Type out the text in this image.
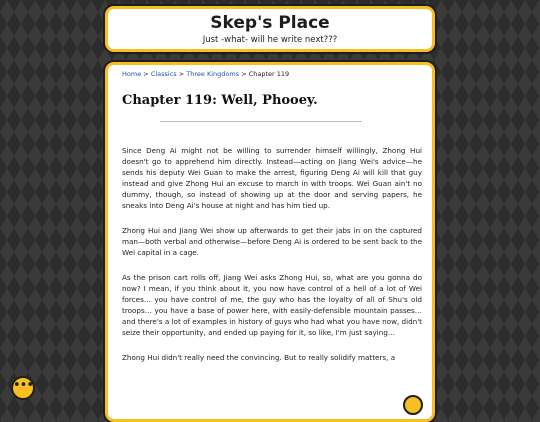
Skep's Place
Just -what- will he write next???
Home > Classics > Three Kingdoms > Chapter 119
Chapter 119: Well, Phooey.

Since Deng Ai might not be willing to surrender himself willingly, Zhong Hui doesn't go to apprehend him directly. Instead—acting on Jiang Wei's advice—he sends his deputy Wei Guan to make the arrest, figuring Deng Ai will kill that guy instead and give Zhong Hui an excuse to march in with troops. Wei Guan ain't no dummy, though, so instead of showing up at the door and serving papers, he sneaks into Deng Ai's house at night and has him tied up.

Zhong Hui and Jiang Wei show up afterwards to get their jabs in on the captured man—both verbal and otherwise—before Deng Ai is ordered to be sent back to the Wei capital in a cage.

As the prison cart rolls off, Jiang Wei asks Zhong Hui, so, what are you gonna do now? I mean, if you think about it, you now have control of a hell of a lot of Wei forces… you have control of me, the guy who has the loyalty of all of Shu's old troops… you have a base of power here, with easily-defensible mountain passes… and there's a lot of examples in history of guys who had what you have now, didn't seize their opportunity, and ended up paying for it, so like, I'm just saying…

Zhong Hui didn't really need the convincing. But to really solidify matters, a

•••
